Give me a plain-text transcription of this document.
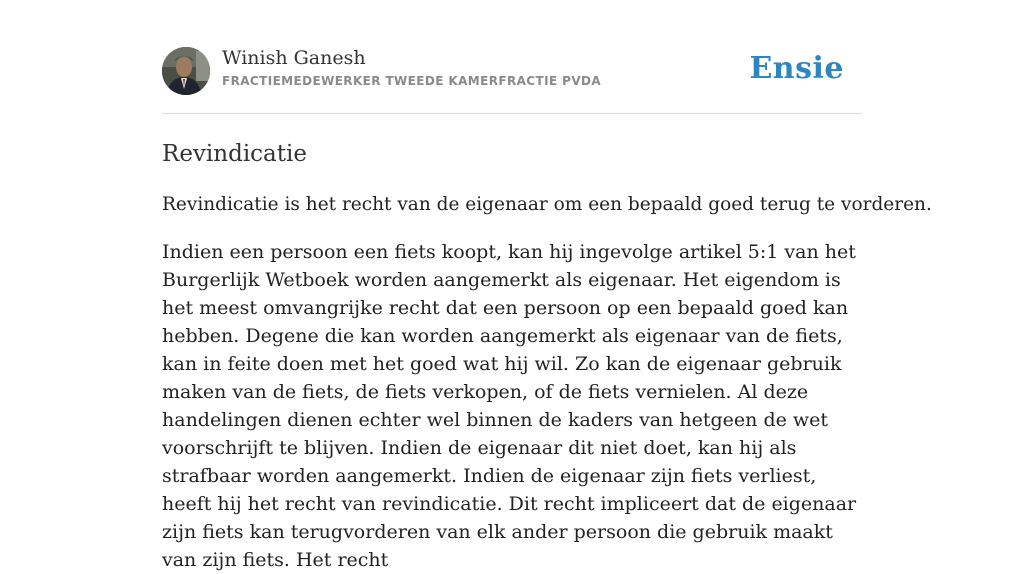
Winish Ganesh
FRACTIEMEDEWERKER TWEEDE KAMERFRACTIE PVDA	Ensie
Revindicatie

Revindicatie is het recht van de eigenaar om een bepaald goed terug te vorderen.

Indien een persoon een fiets koopt, kan hij ingevolge artikel 5:1 van het Burgerlijk Wetboek worden aangemerkt als eigenaar. Het eigendom is het meest omvangrijke recht dat een persoon op een bepaald goed kan hebben. Degene die kan worden aangemerkt als eigenaar van de fiets, kan in feite doen met het goed wat hij wil. Zo kan de eigenaar gebruik maken van de fiets, de fiets verkopen, of de fiets vernielen. Al deze handelingen dienen echter wel binnen de kaders van hetgeen de wet voorschrijft te blijven. Indien de eigenaar dit niet doet, kan hij als strafbaar worden aangemerkt. Indien de eigenaar zijn fiets verliest, heeft hij het recht van revindicatie. Dit recht impliceert dat de eigenaar zijn fiets kan terugvorderen van elk ander persoon die gebruik maakt van zijn fiets. Het recht
